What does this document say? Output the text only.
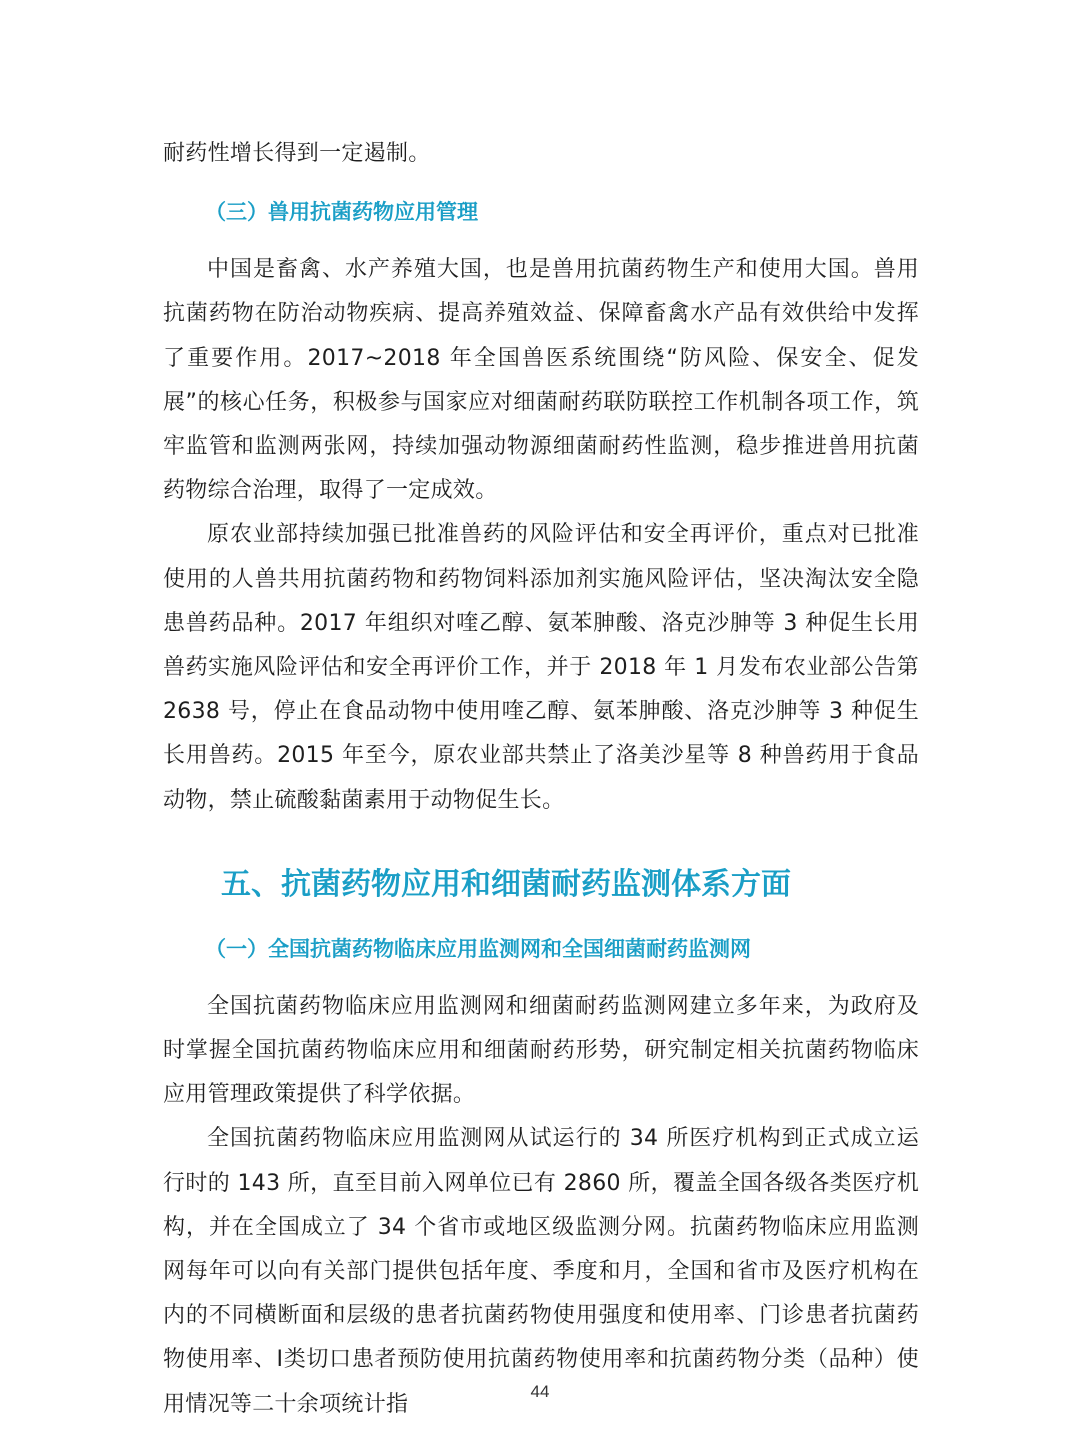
耐药性增长得到一定遏制。

（三）兽用抗菌药物应用管理

中国是畜禽、水产养殖大国，也是兽用抗菌药物生产和使用大国。兽用抗菌药物在防治动物疾病、提高养殖效益、保障畜禽水产品有效供给中发挥了重要作用。2017~2018 年全国兽医系统围绕“防风险、保安全、促发展”的核心任务，积极参与国家应对细菌耐药联防联控工作机制各项工作，筑牢监管和监测两张网，持续加强动物源细菌耐药性监测，稳步推进兽用抗菌药物综合治理，取得了一定成效。

原农业部持续加强已批准兽药的风险评估和安全再评价，重点对已批准使用的人兽共用抗菌药物和药物饲料添加剂实施风险评估，坚决淘汰安全隐患兽药品种。2017 年组织对喹乙醇、氨苯胂酸、洛克沙胂等 3 种促生长用兽药实施风险评估和安全再评价工作，并于 2018 年 1 月发布农业部公告第 2638 号，停止在食品动物中使用喹乙醇、氨苯胂酸、洛克沙胂等 3 种促生长用兽药。2015 年至今，原农业部共禁止了洛美沙星等 8 种兽药用于食品动物，禁止硫酸黏菌素用于动物促生长。

五、抗菌药物应用和细菌耐药监测体系方面
（一）全国抗菌药物临床应用监测网和全国细菌耐药监测网

全国抗菌药物临床应用监测网和细菌耐药监测网建立多年来，为政府及时掌握全国抗菌药物临床应用和细菌耐药形势，研究制定相关抗菌药物临床应用管理政策提供了科学依据。

全国抗菌药物临床应用监测网从试运行的 34 所医疗机构到正式成立运行时的 143 所，直至目前入网单位已有 2860 所，覆盖全国各级各类医疗机构，并在全国成立了 34 个省市或地区级监测分网。抗菌药物临床应用监测网每年可以向有关部门提供包括年度、季度和月，全国和省市及医疗机构在内的不同横断面和层级的患者抗菌药物使用强度和使用率、门诊患者抗菌药物使用率、Ⅰ类切口患者预防使用抗菌药物使用率和抗菌药物分类（品种）使用情况等二十余项统计指

44
